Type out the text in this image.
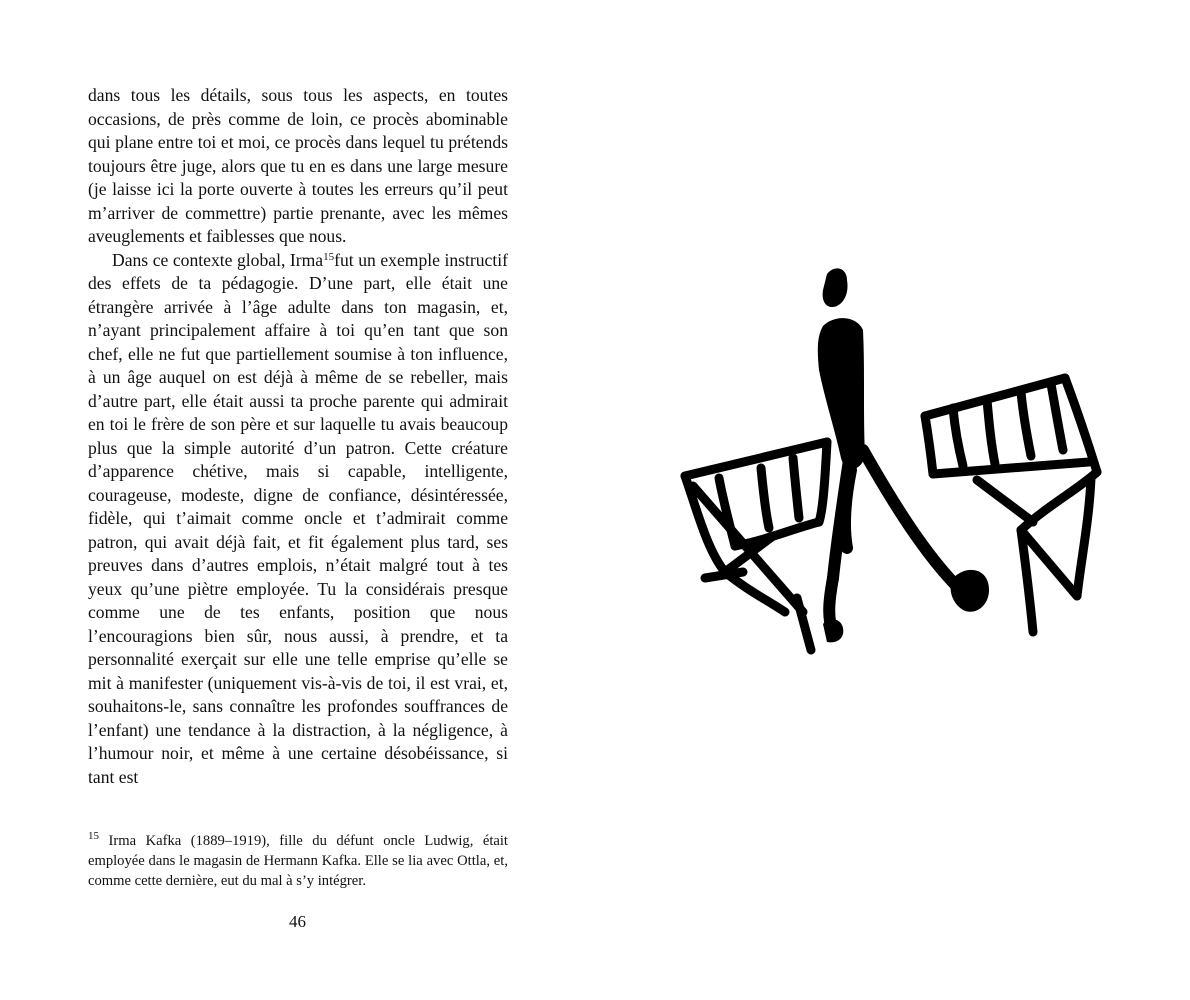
dans tous les détails, sous tous les aspects, en toutes occasions, de près comme de loin, ce procès abominable qui plane entre toi et moi, ce procès dans lequel tu prétends toujours être juge, alors que tu en es dans une large mesure (je laisse ici la porte ouverte à toutes les erreurs qu’il peut m’arriver de commettre) partie prenante, avec les mêmes aveuglements et faiblesses que nous.

Dans ce contexte global, Irma$^{15}$fut un exemple instructif des effets de ta pédagogie. D’une part, elle était une étrangère arrivée à l’âge adulte dans ton magasin, et, n’ayant principalement affaire à toi qu’en tant que son chef, elle ne fut que partiellement soumise à ton influence, à un âge auquel on est déjà à même de se rebeller, mais d’autre part, elle était aussi ta proche parente qui admirait en toi le frère de son père et sur laquelle tu avais beaucoup plus que la simple autorité d’un patron. Cette créature d’apparence chétive, mais si capable, intelligente, courageuse, modeste, digne de confiance, désintéressée, fidèle, qui t’aimait comme oncle et t’admirait comme patron, qui avait déjà fait, et fit également plus tard, ses preuves dans d’autres emplois, n’était malgré tout à tes yeux qu’une piètre employée. Tu la considérais presque comme une de tes enfants, position que nous l’encouragions bien sûr, nous aussi, à prendre, et ta personnalité exerçait sur elle une telle emprise qu’elle se mit à manifester (uniquement vis-à-vis de toi, il est vrai, et, souhaitons-le, sans connaître les profondes souffrances de l’enfant) une tendance à la distraction, à la négligence, à l’humour noir, et même à une certaine désobéissance, si tant est

$^{15}$ Irma Kafka (1889–1919), fille du défunt oncle Ludwig, était employée dans le magasin de Hermann Kafka. Elle se lia avec Ottla, et, comme cette dernière, eut du mal à s’y intégrer.

46
